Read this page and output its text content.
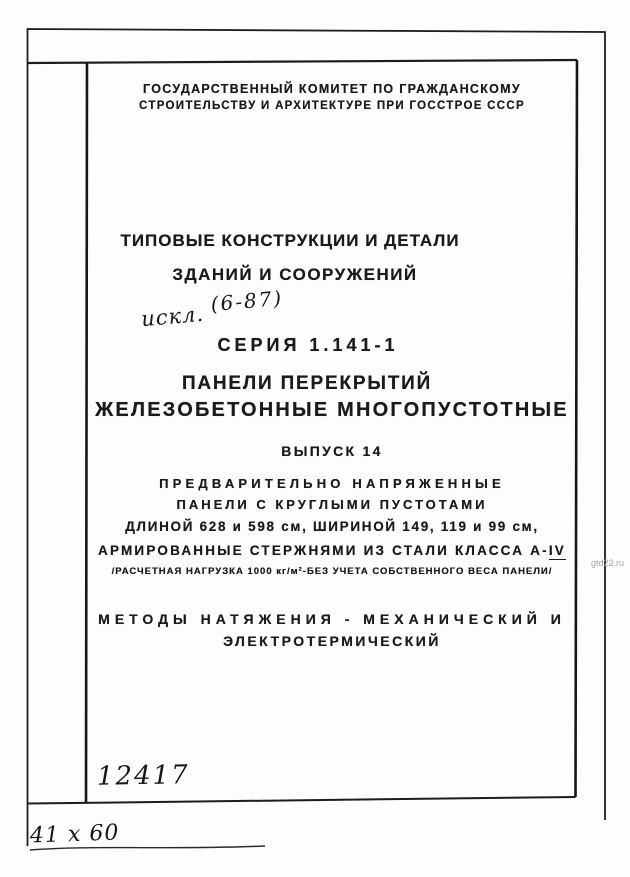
ГОСУДАРСТВЕННЫЙ КОМИТЕТ ПО ГРАЖДАНСКОМУ
СТРОИТЕЛЬСТВУ И АРХИТЕКТУРЕ ПРИ ГОССТРОЕ СССР
ТИПОВЫЕ КОНСТРУКЦИИ И ДЕТАЛИ
ЗДАНИЙ И СООРУЖЕНИЙ
искл. (6-87)
СЕРИЯ 1.141-1
ПАНЕЛИ ПЕРЕКРЫТИЙ
ЖЕЛЕЗОБЕТОННЫЕ МНОГОПУСТОТНЫЕ
ВЫПУСК 14
ПРЕДВАРИТЕЛЬНО НАПРЯЖЕННЫЕ
ПАНЕЛИ С КРУГЛЫМИ ПУСТОТАМИ
ДЛИНОЙ 628 и 598 см, ШИРИНОЙ 149, 119 и 99 см,
АРМИРОВАННЫЕ СТЕРЖНЯМИ ИЗ СТАЛИ КЛАССА А-IV
/РАСЧЕТНАЯ НАГРУЗКА 1000 кг/м²-БЕЗ УЧЕТА СОБСТВЕННОГО ВЕСА ПАНЕЛИ/
МЕТОДЫ НАТЯЖЕНИЯ - МЕХАНИЧЕСКИЙ И
ЭЛЕКТРОТЕРМИЧЕСКИЙ
12417
41 х 60
gtd22.ru
